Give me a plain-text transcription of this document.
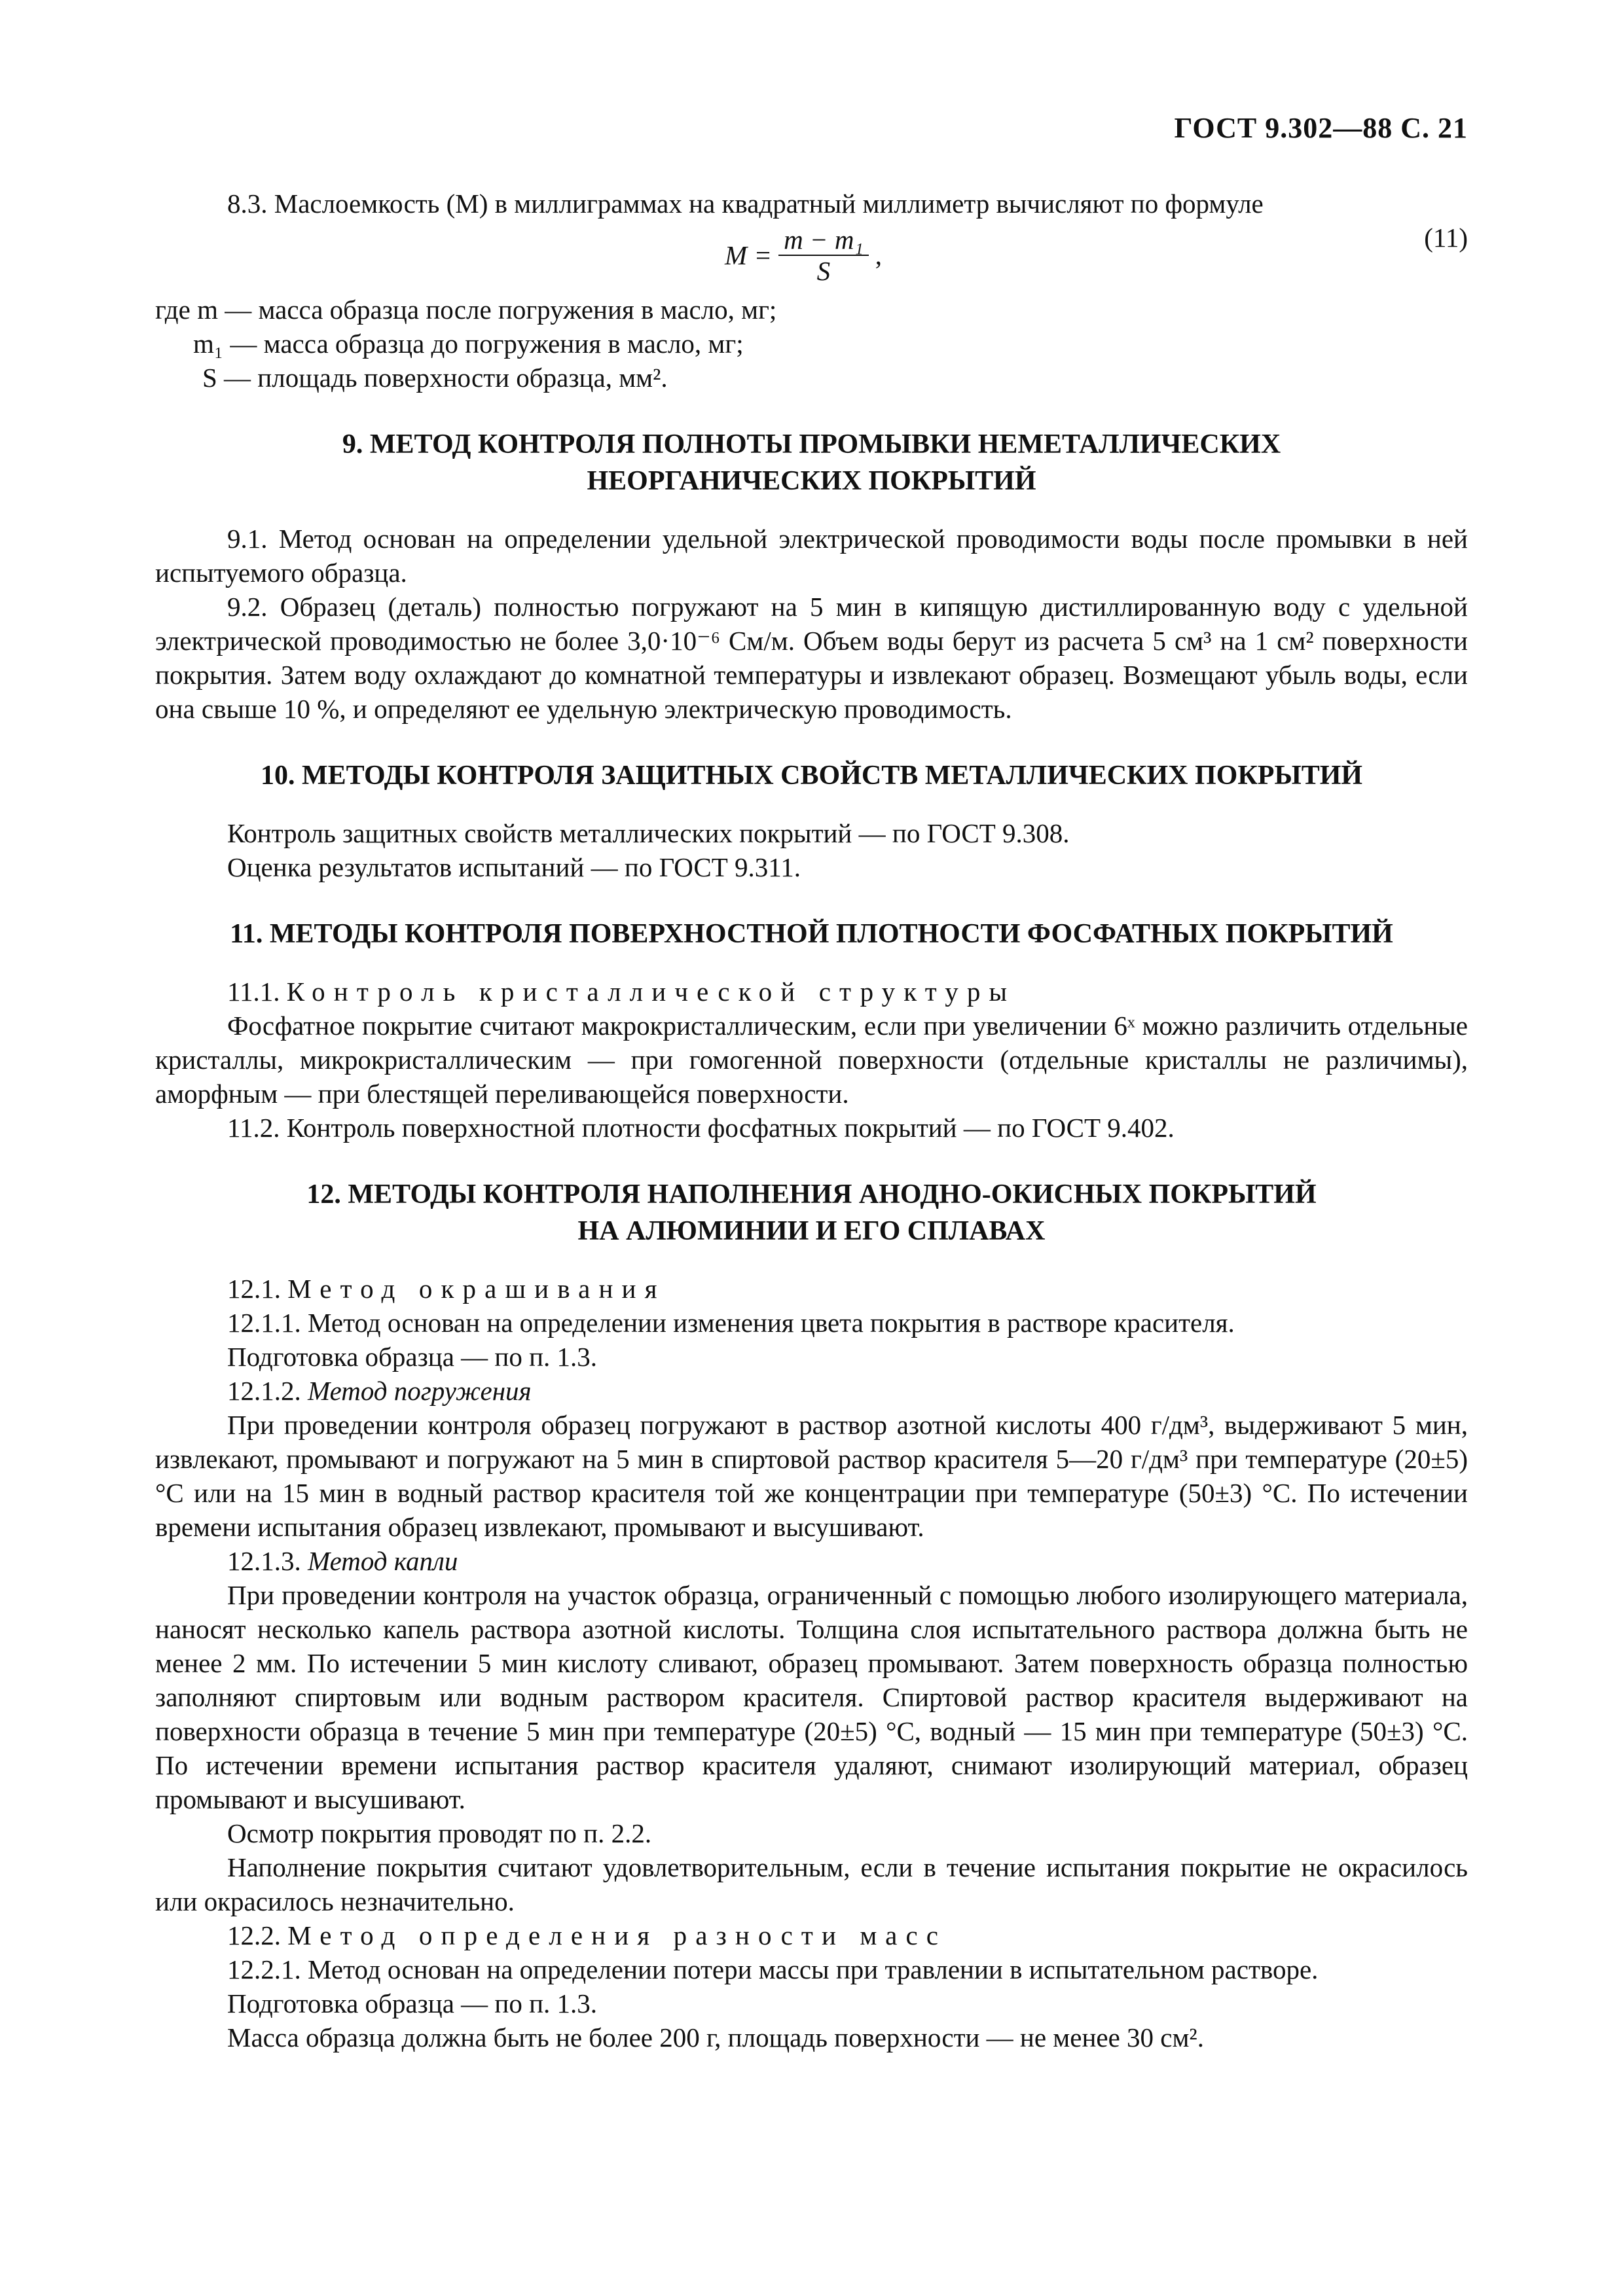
ГОСТ 9.302—88 С. 21

8.3. Маслоемкость (М) в миллиграммах на квадратный миллиметр вычисляют по формуле

$M = \frac{\text{m − m₁}}{S}$ ,
(11)

где m — масса образца после погружения в масло, мг;

m₁ — масса образца до погружения в масло, мг;

S — площадь поверхности образца, мм².

9. МЕТОД КОНТРОЛЯ ПОЛНОТЫ ПРОМЫВКИ НЕМЕТАЛЛИЧЕСКИХ
НЕОРГАНИЧЕСКИХ ПОКРЫТИЙ

9.1. Метод основан на определении удельной электрической проводимости воды после промывки в ней испытуемого образца.

9.2. Образец (деталь) полностью погружают на 5 мин в кипящую дистиллированную воду с удельной электрической проводимостью не более 3,0·10⁻⁶ См/м. Объем воды берут из расчета 5 см³ на 1 см² поверхности покрытия. Затем воду охлаждают до комнатной температуры и извлекают образец. Возмещают убыль воды, если она свыше 10 %, и определяют ее удельную электрическую проводимость.

10. МЕТОДЫ КОНТРОЛЯ ЗАЩИТНЫХ СВОЙСТВ МЕТАЛЛИЧЕСКИХ ПОКРЫТИЙ

Контроль защитных свойств металлических покрытий — по ГОСТ 9.308.

Оценка результатов испытаний — по ГОСТ 9.311.

11. МЕТОДЫ КОНТРОЛЯ ПОВЕРХНОСТНОЙ ПЛОТНОСТИ ФОСФАТНЫХ ПОКРЫТИЙ

11.1. Контроль кристаллической структуры

Фосфатное покрытие считают макрокристаллическим, если при увеличении 6ˣ можно различить отдельные кристаллы, микрокристаллическим — при гомогенной поверхности (отдельные кристаллы не различимы), аморфным — при блестящей переливающейся поверхности.

11.2. Контроль поверхностной плотности фосфатных покрытий — по ГОСТ 9.402.

12. МЕТОДЫ КОНТРОЛЯ НАПОЛНЕНИЯ АНОДНО-ОКИСНЫХ ПОКРЫТИЙ
НА АЛЮМИНИИ И ЕГО СПЛАВАХ

12.1. Метод окрашивания

12.1.1. Метод основан на определении изменения цвета покрытия в растворе красителя.

Подготовка образца — по п. 1.3.

12.1.2. Метод погружения

При проведении контроля образец погружают в раствор азотной кислоты 400 г/дм³, выдерживают 5 мин, извлекают, промывают и погружают на 5 мин в спиртовой раствор красителя 5—20 г/дм³ при температуре (20±5) °С или на 15 мин в водный раствор красителя той же концентрации при температуре (50±3) °С. По истечении времени испытания образец извлекают, промывают и высушивают.

12.1.3. Метод капли

При проведении контроля на участок образца, ограниченный с помощью любого изолирующего материала, наносят несколько капель раствора азотной кислоты. Толщина слоя испытательного раствора должна быть не менее 2 мм. По истечении 5 мин кислоту сливают, образец промывают. Затем поверхность образца полностью заполняют спиртовым или водным раствором красителя. Спиртовой раствор красителя выдерживают на поверхности образца в течение 5 мин при температуре (20±5) °С, водный — 15 мин при температуре (50±3) °С. По истечении времени испытания раствор красителя удаляют, снимают изолирующий материал, образец промывают и высушивают.

Осмотр покрытия проводят по п. 2.2.

Наполнение покрытия считают удовлетворительным, если в течение испытания покрытие не окрасилось или окрасилось незначительно.

12.2. Метод определения разности масс

12.2.1. Метод основан на определении потери массы при травлении в испытательном растворе.

Подготовка образца — по п. 1.3.

Масса образца должна быть не более 200 г, площадь поверхности — не менее 30 см².
